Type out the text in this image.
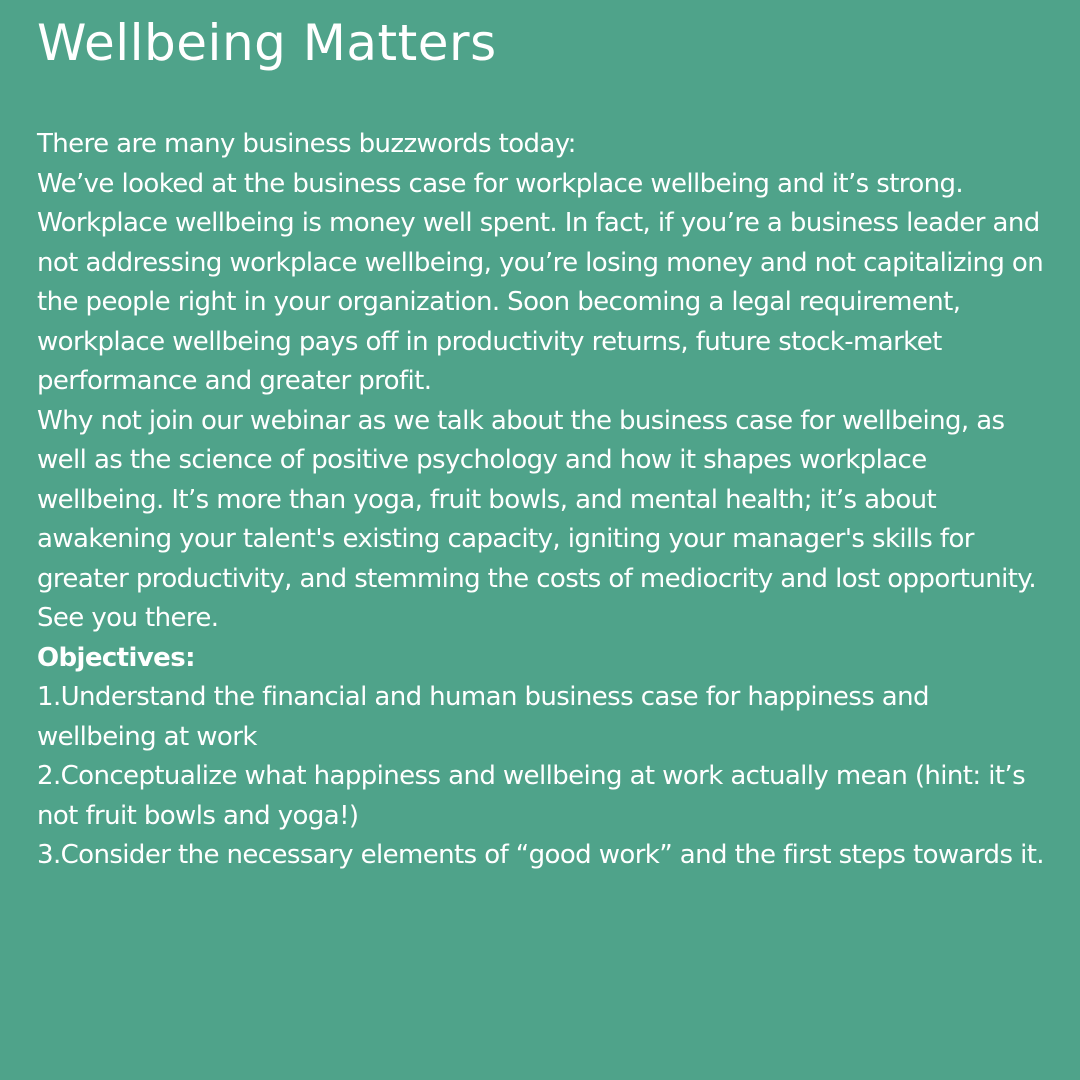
Wellbeing Matters

There are many business buzzwords today:

We’ve looked at the business case for workplace wellbeing and it’s strong. Workplace wellbeing is money well spent. In fact, if you’re a business leader and not addressing workplace wellbeing, you’re losing money and not capitalizing on the people right in your organization. Soon becoming a legal requirement, workplace wellbeing pays off in productivity returns, future stock-market performance and greater profit.

Why not join our webinar as we talk about the business case for wellbeing, as well as the science of positive psychology and how it shapes workplace wellbeing. It’s more than yoga, fruit bowls, and mental health; it’s about awakening your talent's existing capacity, igniting your manager's skills for greater productivity, and stemming the costs of mediocrity and lost opportunity. See you there.

Objectives:

1.Understand the financial and human business case for happiness and wellbeing at work

2.Conceptualize what happiness and wellbeing at work actually mean (hint: it’s not fruit bowls and yoga!)

3.Consider the necessary elements of “good work” and the first steps towards it.
